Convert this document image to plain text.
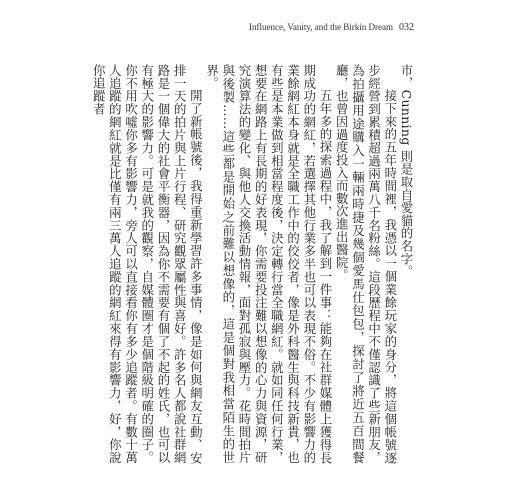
Influence, Vanity, and the Birkin Dream 032

市，Cunning 則是取自愛貓的名字。

接下來的五年時間裡，我憑以一個業餘玩家的身分，將這個帳號逐步經營到累積超過兩萬八千名粉絲。這段歷程中不僅認識了些新朋友，為拍攝用途購入一輛兩時捷及幾個愛馬仕包包，探討了將近五百間餐廳，也曾因過度投入而數次進出醫院。

五年多的探索過程中，我了解到一件事：能夠在社群媒體上獲得長期成功的網紅，若選擇其他行業多半也可以表現不俗。不少有影響力的業餘網紅本身就是全職工作中的佼佼者，像是外科醫生與科技新貴，也有些是本業做到相當程度後，決定轉行當全職網紅。就如同任何行業，想要在網路上有長期的好表現，你需要投注難以想像的心力與資源，研究演算法的變化、與他人交換活動情報，面對孤寂與壓力。花時間拍片與後製……這些都是開始之前難以想像的，這是個對我相當陌生的世界。

開了新帳號後，我得重新學習許多事情，像是如何與網友互動、安排一天的拍片與上片行程、研究觀眾屬性與喜好。許多名人都說社群網路是一個偉大的社會平衡器，因為你不需要有個了不起的姓氏，也可以有極大的影響力。可是就我的觀察，自媒體圈才是個階級明確的圈子。你不用吹噓你多有影響力，旁人可以直接看你有多少追蹤者。有數十萬人追蹤的網紅就是比僅有兩三萬人追蹤的網紅來得有影響力，好，你說你追蹤者
